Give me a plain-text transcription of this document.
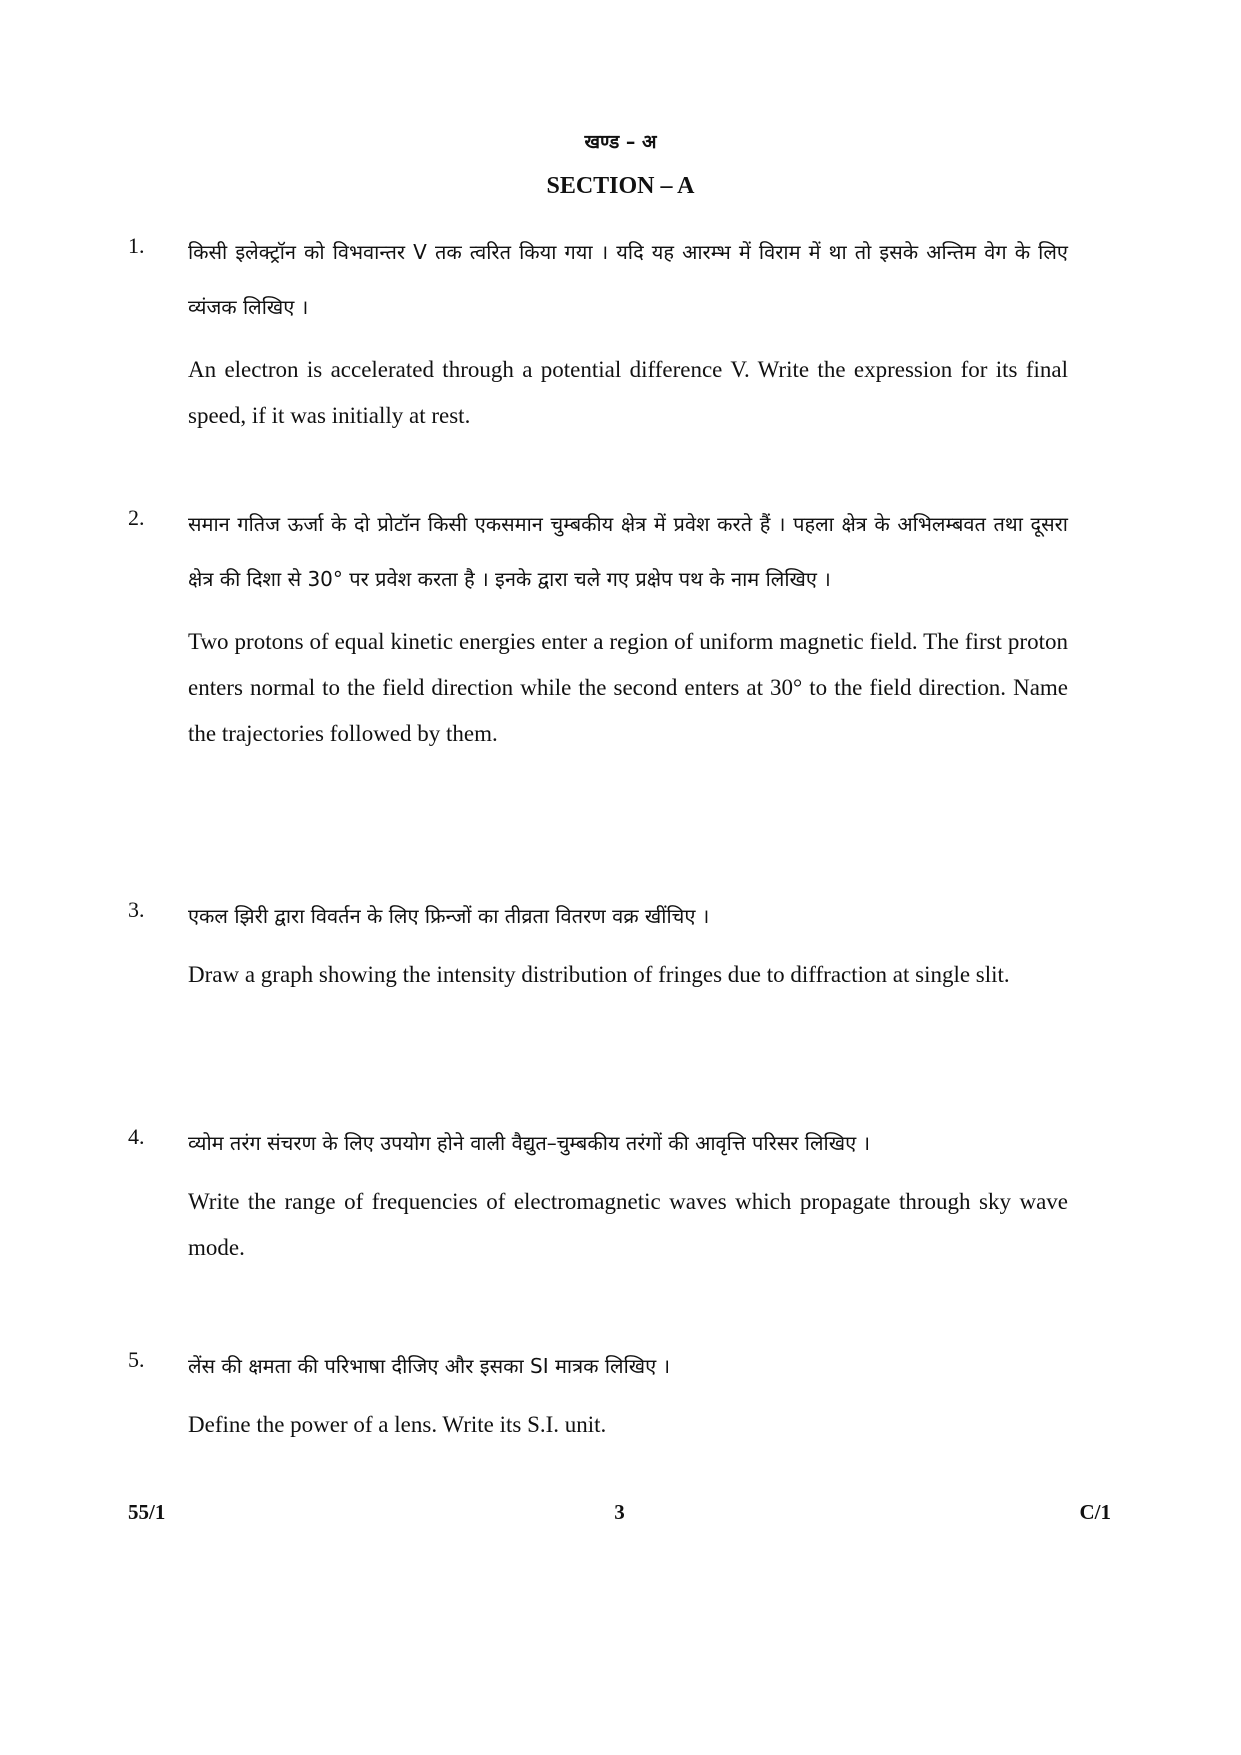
खण्ड – अ
SECTION – A
1.	किसी इलेक्ट्रॉन को विभवान्तर V तक त्वरित किया गया । यदि यह आरम्भ में विराम में था तो इसके अन्तिम वेग के लिए व्यंजक लिखिए ।
An electron is accelerated through a potential difference V. Write the expression for its final speed, if it was initially at rest.
2.	समान गतिज ऊर्जा के दो प्रोटॉन किसी एकसमान चुम्बकीय क्षेत्र में प्रवेश करते हैं । पहला क्षेत्र के अभिलम्बवत तथा दूसरा क्षेत्र की दिशा से 30° पर प्रवेश करता है । इनके द्वारा चले गए प्रक्षेप पथ के नाम लिखिए ।
Two protons of equal kinetic energies enter a region of uniform magnetic field. The first proton enters normal to the field direction while the second enters at 30° to the field direction. Name the trajectories followed by them.
3.	एकल झिरी द्वारा विवर्तन के लिए फ्रिन्जों का तीव्रता वितरण वक्र खींचिए ।
Draw a graph showing the intensity distribution of fringes due to diffraction at single slit.
4.	व्योम तरंग संचरण के लिए उपयोग होने वाली वैद्युत–चुम्बकीय तरंगों की आवृत्ति परिसर लिखिए ।
Write the range of frequencies of electromagnetic waves which propagate through sky wave mode.
5.	लेंस की क्षमता की परिभाषा दीजिए और इसका SI मात्रक लिखिए ।
Define the power of a lens. Write its S.I. unit.
55/1	3	C/1
